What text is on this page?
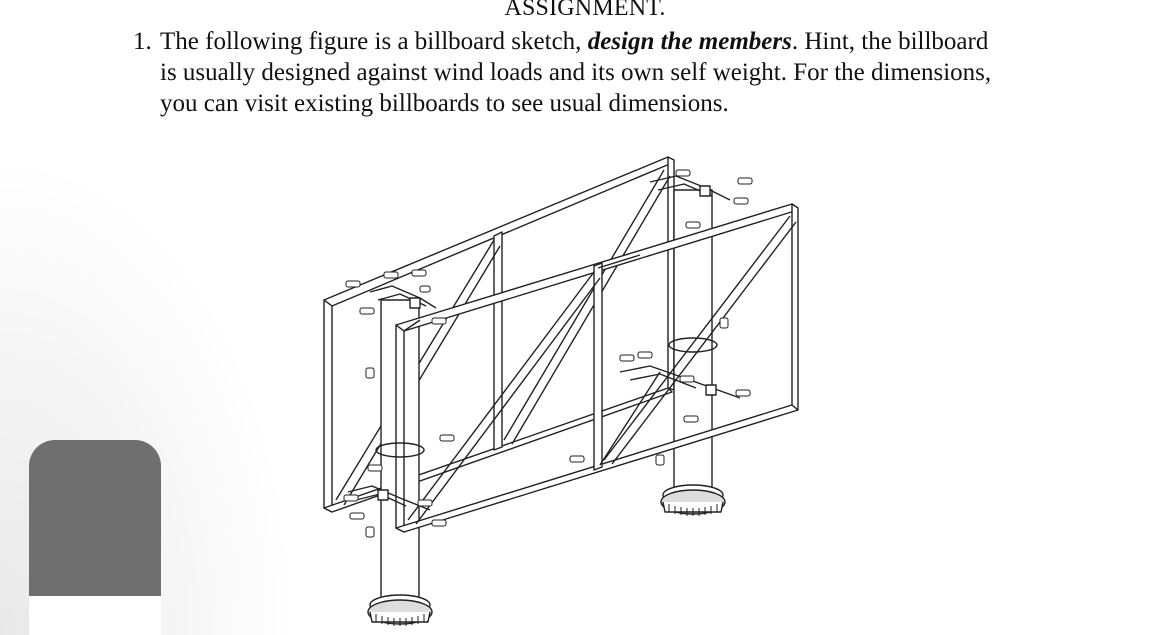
ASSIGNMENT.
1. The following figure is a billboard sketch, design the members. Hint, the billboard
is usually designed against wind loads and its own self weight. For the dimensions,
you can visit existing billboards to see usual dimensions.
